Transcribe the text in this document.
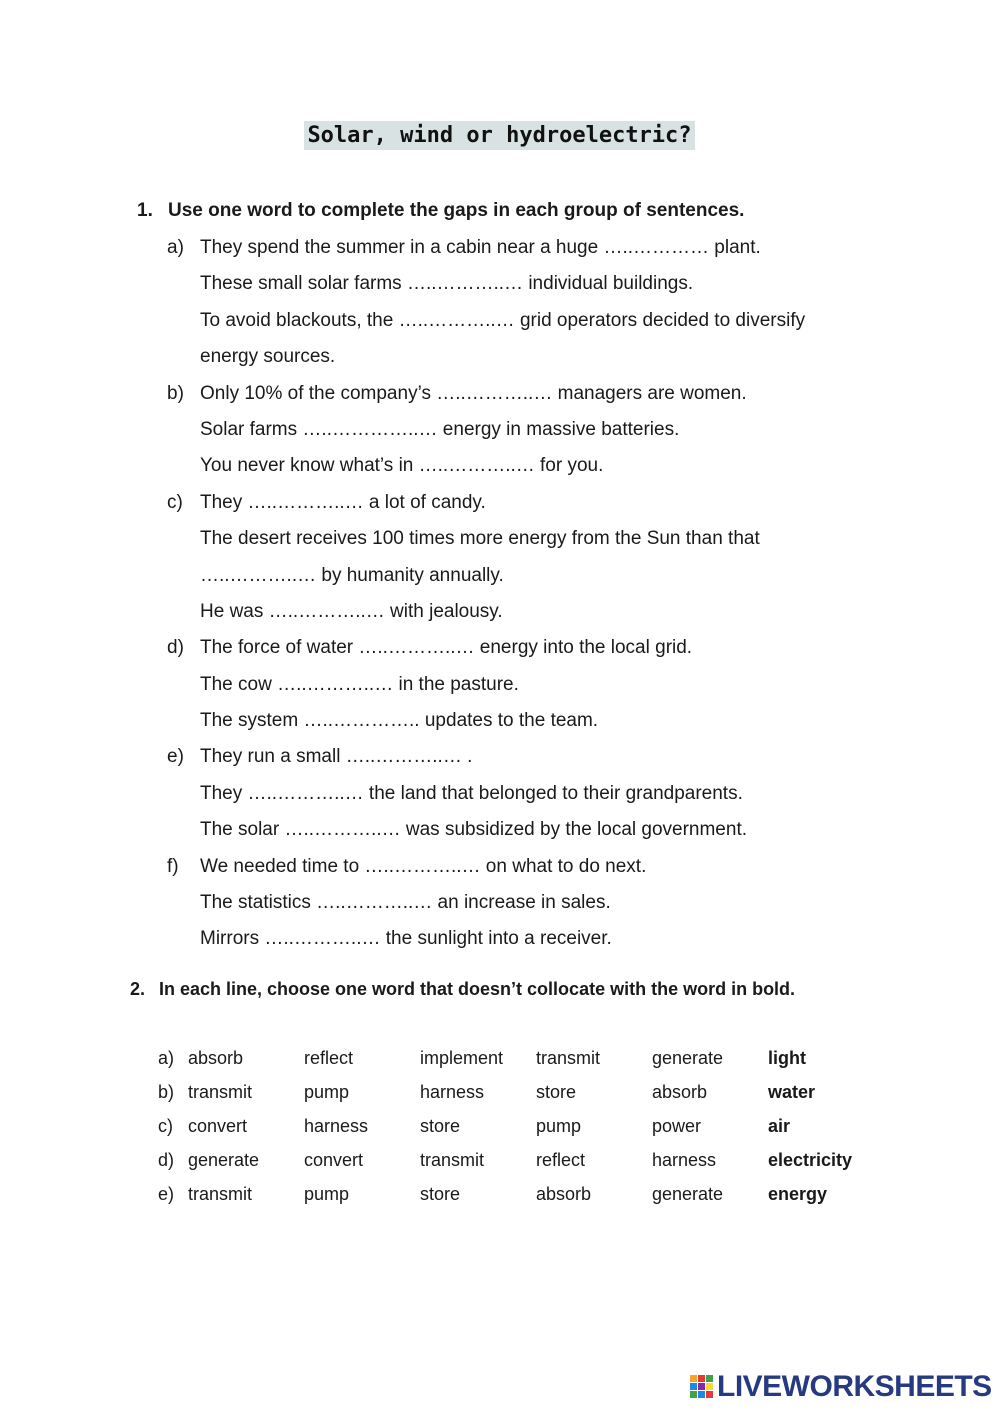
Solar, wind or hydroelectric?
1. Use one word to complete the gaps in each group of sentences.
a) They spend the summer in a cabin near a huge …..………… plant.
These small solar farms …..………..… individual buildings.
To avoid blackouts, the …..………..… grid operators decided to diversify
energy sources.
b) Only 10% of the company’s …..………..… managers are women.
Solar farms …..…………..… energy in massive batteries.
You never know what’s in …..………..… for you.
c) They …..………..… a lot of candy.
The desert receives 100 times more energy from the Sun than that
…..………..… by humanity annually.
He was …..………..… with jealousy.
d) The force of water …..………..… energy into the local grid.
The cow …..………..… in the pasture.
The system …..………….. updates to the team.
e) They run a small …..………..… .
They …..………..… the land that belonged to their grandparents.
The solar …..………..… was subsidized by the local government.
f) We needed time to …..………..… on what to do next.
The statistics …..………..… an increase in sales.
Mirrors …..………..… the sunlight into a receiver.
2. In each line, choose one word that doesn’t collocate with the word in bold.
a)	absorb	reflect	implement	transmit	generate	light
b)	transmit	pump	harness	store	absorb	water
c)	convert	harness	store	pump	power	air
d)	generate	convert	transmit	reflect	harness	electricity
e)	transmit	pump	store	absorb	generate	energy
LIVEWORKSHEETS
